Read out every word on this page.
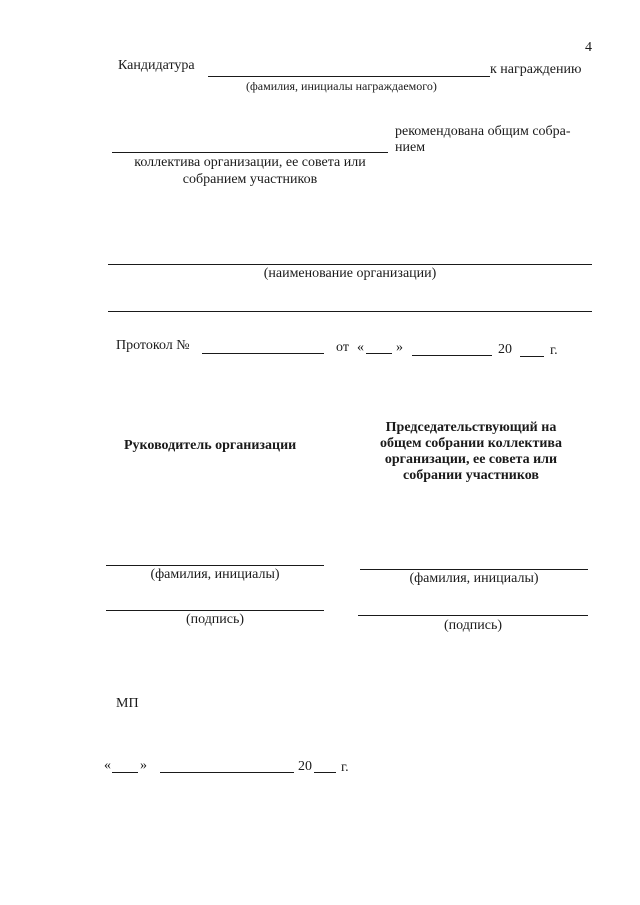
4
Кандидатура	к награждению
(фамилия, инициалы награждаемого)
рекомендована общим собра-
нием
коллектива организации, ее совета или
собранием участников
(наименование организации)
Протокол №	от « »	20	г.
Председательствующий на
общем собрании коллектива
организации, ее совета или
собрании участников
Руководитель организации
(фамилия, инициалы)
(подпись)
(фамилия, инициалы)
(подпись)
МП
« »	20 г.
